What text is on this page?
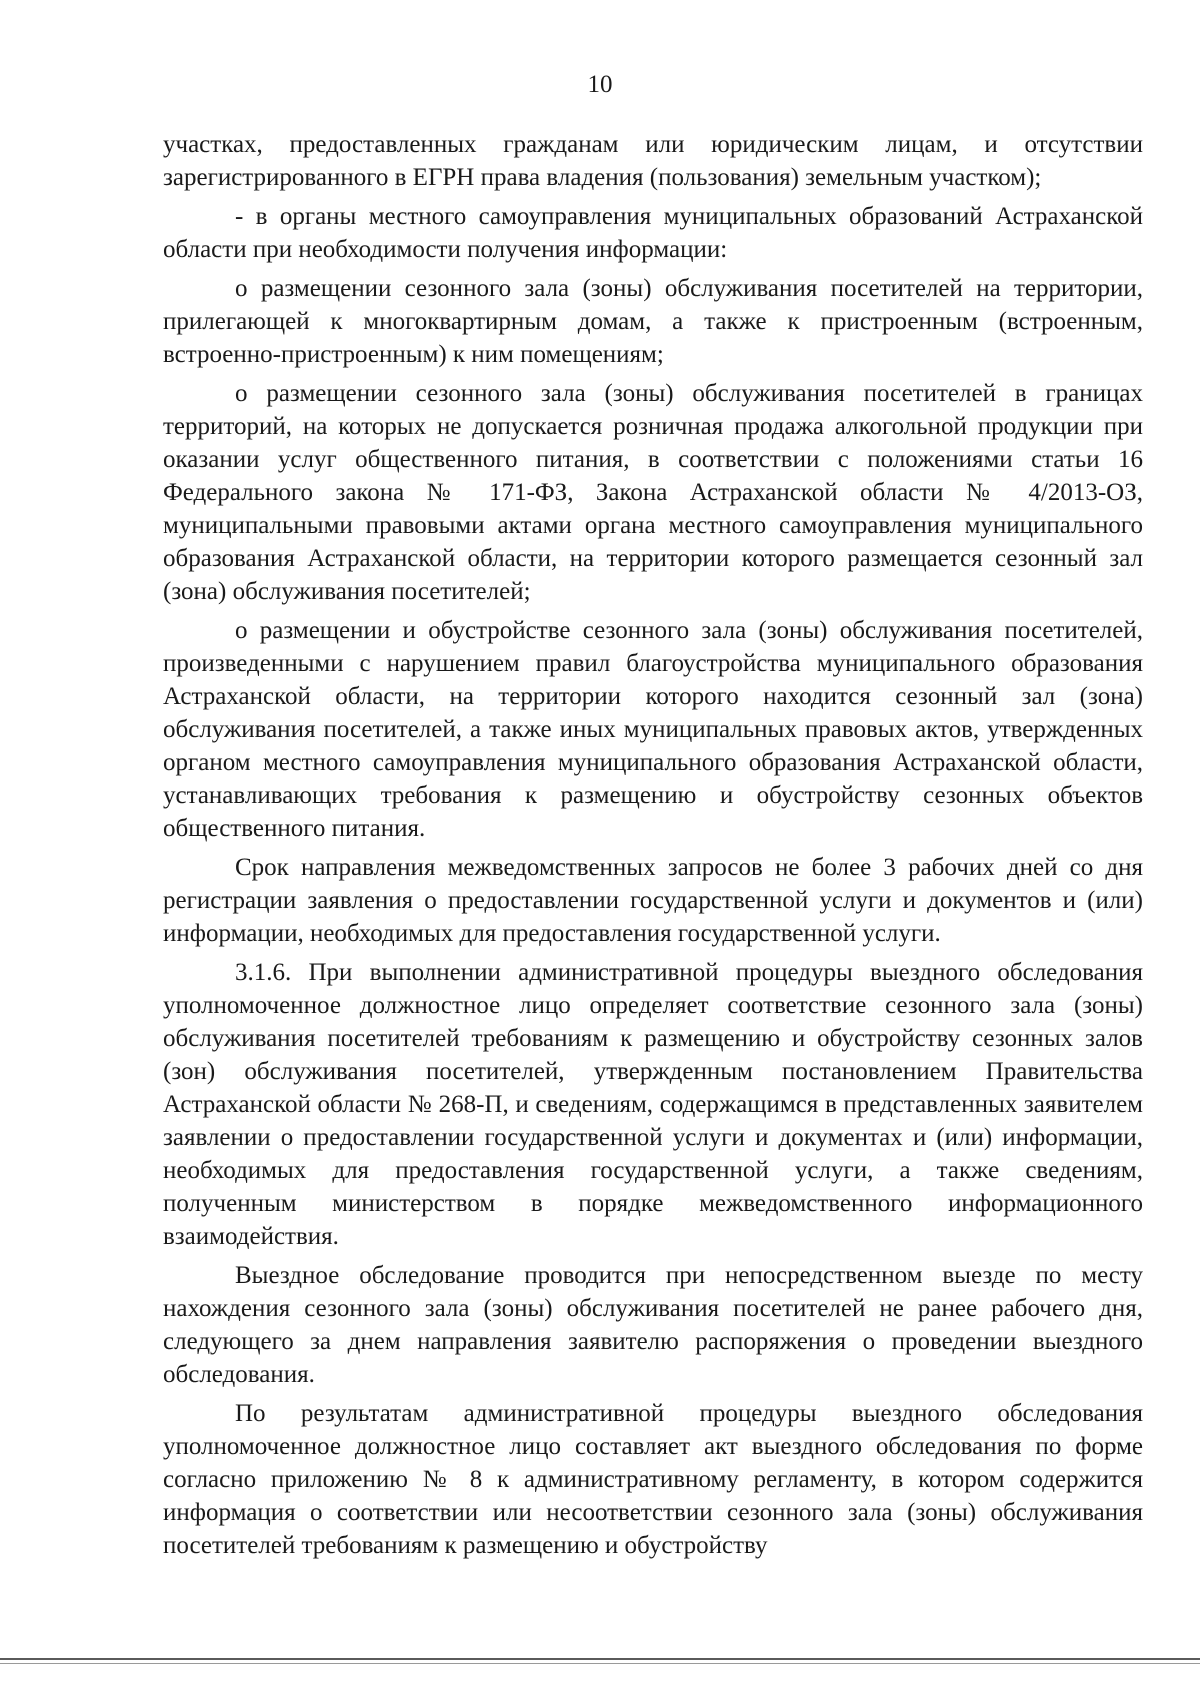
10

участках, предоставленных гражданам или юридическим лицам, и отсутствии зарегистрированного в ЕГРН права владения (пользования) земельным участком);

- в органы местного самоуправления муниципальных образований Астраханской области при необходимости получения информации:

о размещении сезонного зала (зоны) обслуживания посетителей на территории, прилегающей к многоквартирным домам, а также к пристроенным (встроенным, встроенно-пристроенным) к ним помещениям;

о размещении сезонного зала (зоны) обслуживания посетителей в границах территорий, на которых не допускается розничная продажа алкогольной продукции при оказании услуг общественного питания, в соответствии с положениями статьи 16 Федерального закона № 171-ФЗ, Закона Астраханской области № 4/2013-ОЗ, муниципальными правовыми актами органа местного самоуправления муниципального образования Астраханской области, на территории которого размещается сезонный зал (зона) обслуживания посетителей;

о размещении и обустройстве сезонного зала (зоны) обслуживания посетителей, произведенными с нарушением правил благоустройства муниципального образования Астраханской области, на территории которого находится сезонный зал (зона) обслуживания посетителей, а также иных муниципальных правовых актов, утвержденных органом местного самоуправления муниципального образования Астраханской области, устанавливающих требования к размещению и обустройству сезонных объектов общественного питания.

Срок направления межведомственных запросов не более 3 рабочих дней со дня регистрации заявления о предоставлении государственной услуги и документов и (или) информации, необходимых для предоставления государственной услуги.

3.1.6. При выполнении административной процедуры выездного обследования уполномоченное должностное лицо определяет соответствие сезонного зала (зоны) обслуживания посетителей требованиям к размещению и обустройству сезонных залов (зон) обслуживания посетителей, утвержденным постановлением Правительства Астраханской области № 268-П, и сведениям, содержащимся в представленных заявителем заявлении о предоставлении государственной услуги и документах и (или) информации, необходимых для предоставления государственной услуги, а также сведениям, полученным министерством в порядке межведомственного информационного взаимодействия.

Выездное обследование проводится при непосредственном выезде по месту нахождения сезонного зала (зоны) обслуживания посетителей не ранее рабочего дня, следующего за днем направления заявителю распоряжения о проведении выездного обследования.

По результатам административной процедуры выездного обследования уполномоченное должностное лицо составляет акт выездного обследования по форме согласно приложению № 8 к административному регламенту, в котором содержится информация о соответствии или несоответствии сезонного зала (зоны) обслуживания посетителей требованиям к размещению и обустройству
